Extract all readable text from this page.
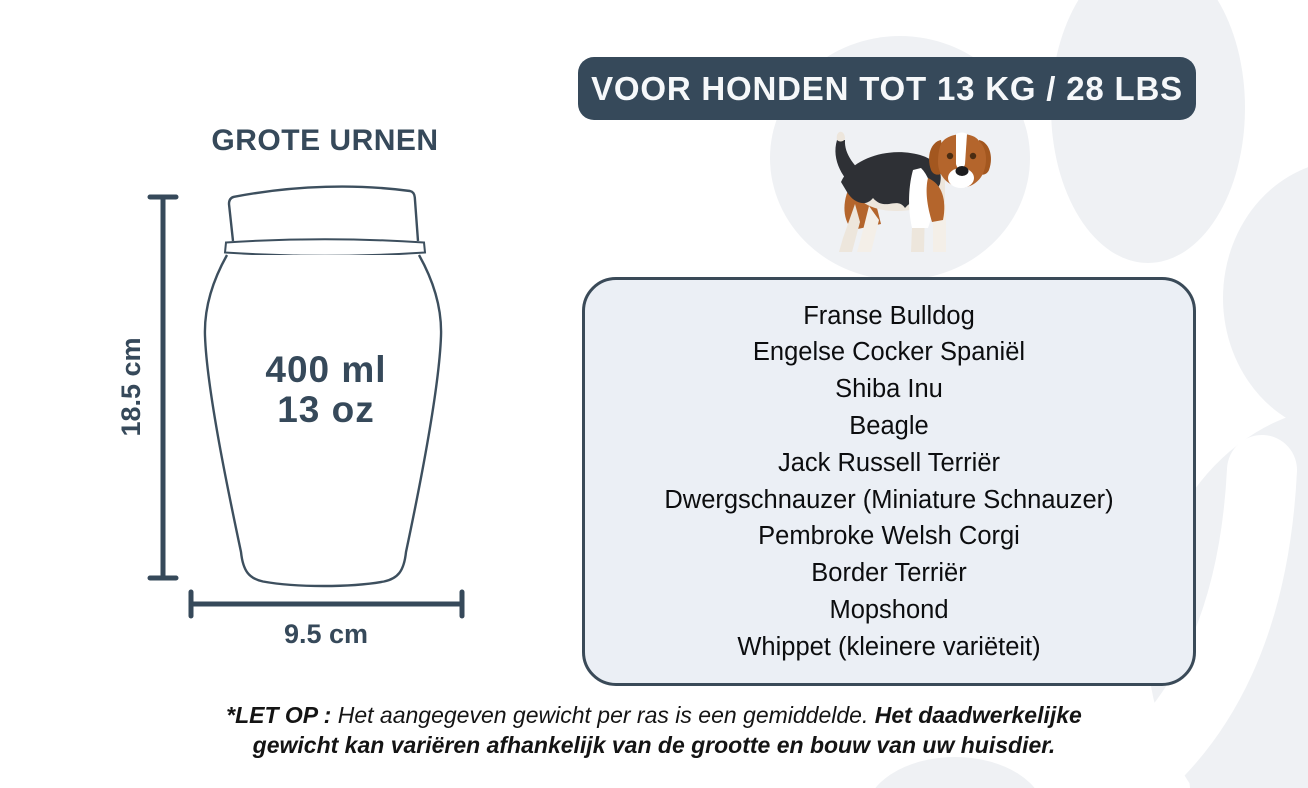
VOOR HONDEN TOT 13 KG / 28 LBS
GROTE URNEN
400 ml
13 oz
18.5 cm
9.5 cm
Franse Bulldog
Engelse Cocker Spaniël
Shiba Inu
Beagle
Jack Russell Terriër
Dwergschnauzer (Miniature Schnauzer)
Pembroke Welsh Corgi
Border Terriër
Mopshond
Whippet (kleinere variëteit)
*LET OP : Het aangegeven gewicht per ras is een gemiddelde. Het daadwerkelijke gewicht kan variëren afhankelijk van de grootte en bouw van uw huisdier.
